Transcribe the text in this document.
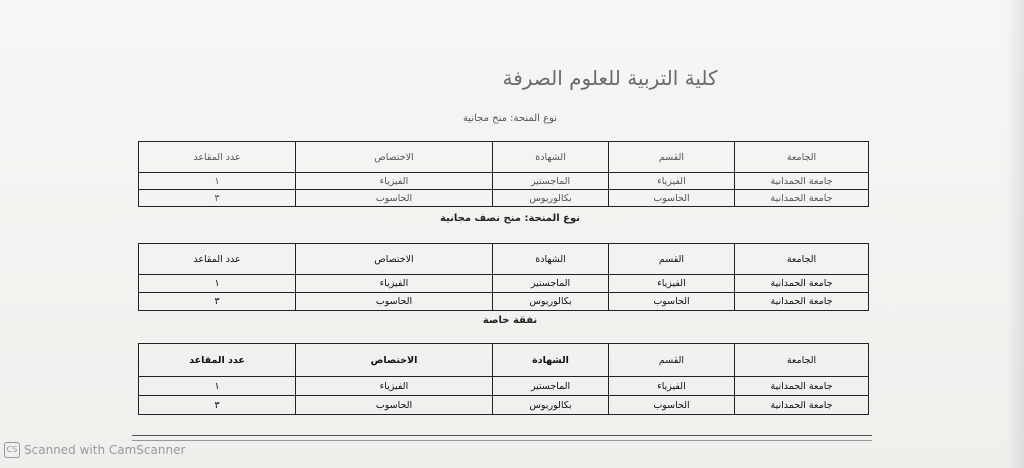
كلية التربية للعلوم الصرفة
نوع المنحة: منح مجانية
الجامعة	القسم	الشهادة	الاختصاص	عدد المقاعد
جامعة الحمدانية	الفيزياء	الماجستير	الفيزياء	١
جامعة الحمدانية	الحاسوب	بكالوريوس	الحاسوب	٣
نوع المنحة: منح نصف مجانية
الجامعة	القسم	الشهادة	الاختصاص	عدد المقاعد
جامعة الحمدانية	الفيزياء	الماجستير	الفيزياء	١
جامعة الحمدانية	الحاسوب	بكالوريوس	الحاسوب	٣
نفقة خاصة
الجامعة	القسم	الشهادة	الاختصاص	عدد المقاعد
جامعة الحمدانية	الفيزياء	الماجستير	الفيزياء	١
جامعة الحمدانية	الحاسوب	بكالوريوس	الحاسوب	٣
CS Scanned with CamScanner
